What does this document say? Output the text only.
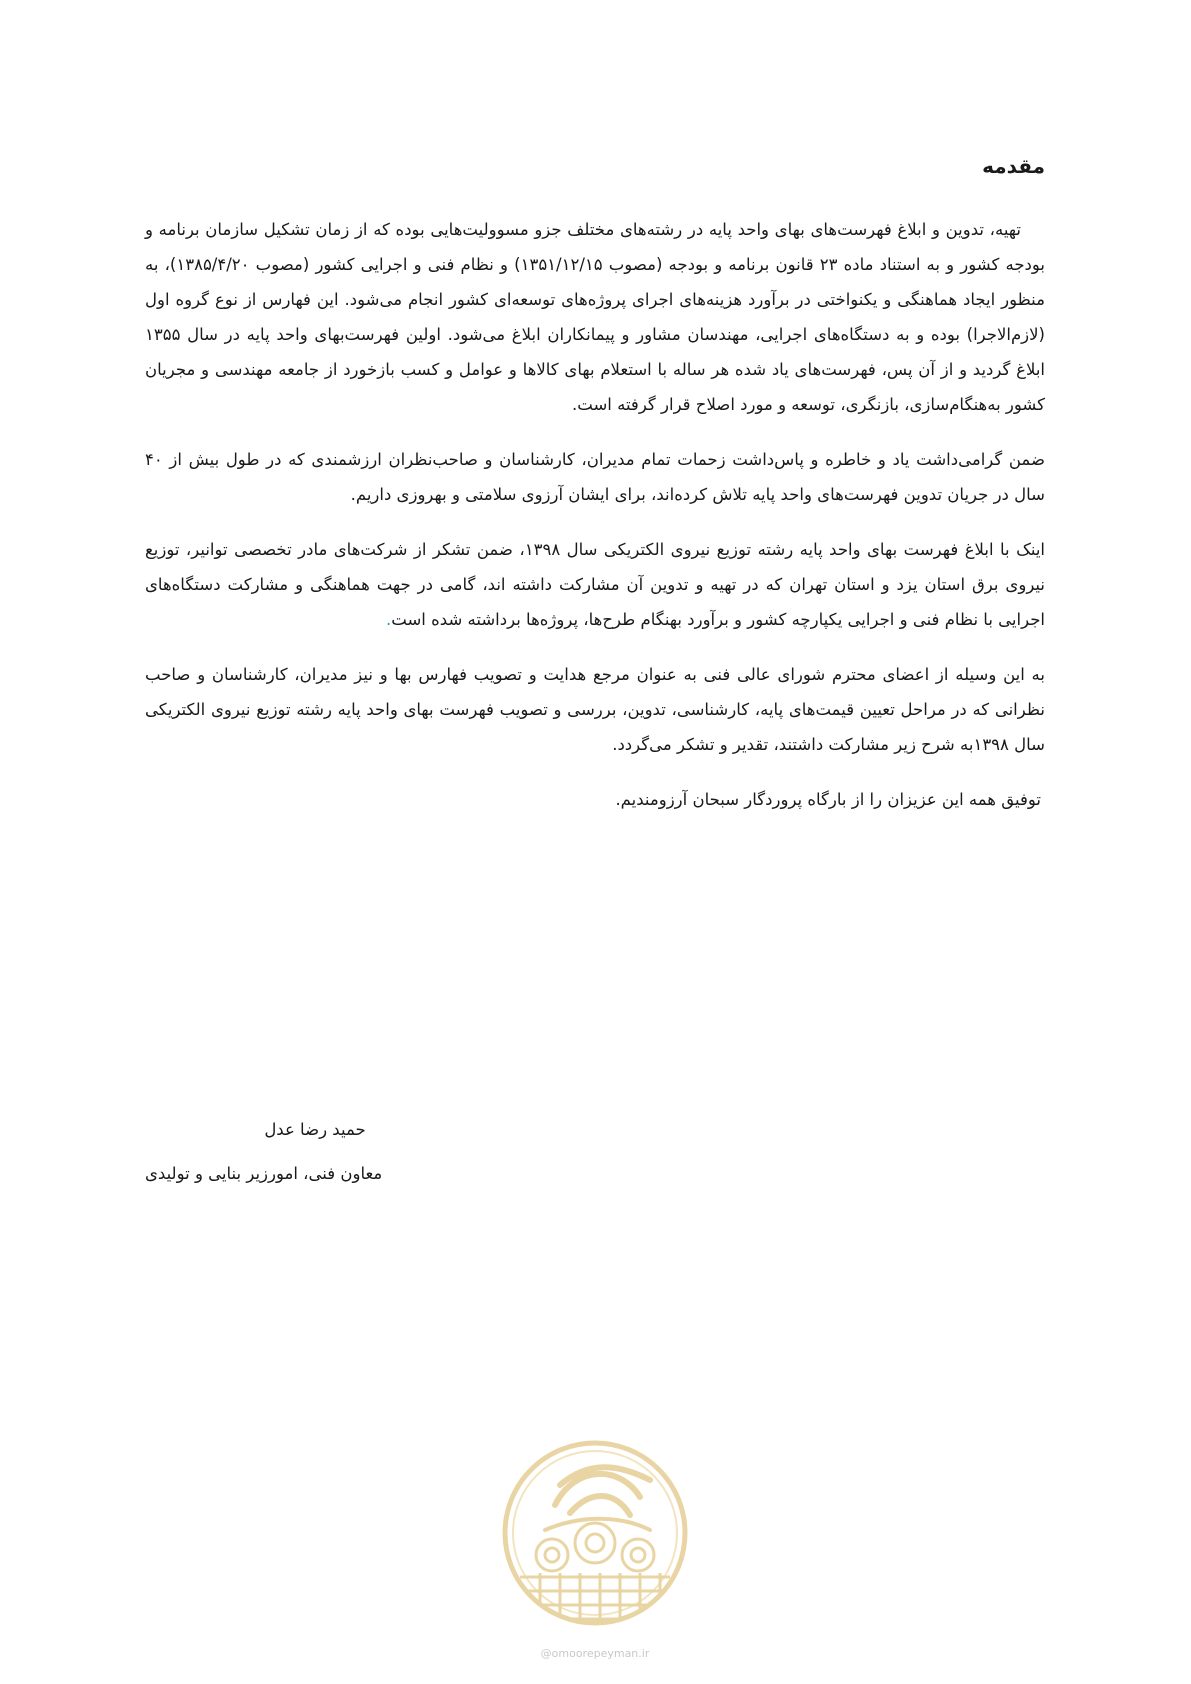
مقدمه

تهیه، تدوین و ابلاغ فهرست‌های بهای واحد پایه در رشته‌های مختلف جزو مسوولیت‌هایی بوده که از زمان تشکیل سازمان برنامه و بودجه کشور و به استناد ماده ۲۳ قانون برنامه و بودجه (مصوب ۱۳۵۱/۱۲/۱۵) و نظام فنی و اجرایی کشور (مصوب ۱۳۸۵/۴/۲۰)، به منظور ایجاد هماهنگی و یکنواختی در برآورد هزینه‌های اجرای پروژه‌های توسعه‌ای کشور انجام می‌شود. این فهارس از نوع گروه اول (لازم‌الاجرا) بوده و به دستگاه‌های اجرایی، مهندسان مشاور و پیمانکاران ابلاغ می‌شود. اولین فهرست‌بهای واحد پایه در سال ۱۳۵۵ ابلاغ گردید و از آن پس، فهرست‌های یاد شده هر ساله با استعلام بهای کالاها و عوامل و کسب بازخورد از جامعه مهندسی و مجریان کشور به‌هنگام‌سازی، بازنگری، توسعه و مورد اصلاح قرار گرفته است.

ضمن گرامی‌داشت یاد و خاطره و پاس‌داشت زحمات تمام مدیران، کارشناسان و صاحب‌نظران ارزشمندی که در طول بیش از ۴۰ سال در جریان تدوین فهرست‌های واحد پایه تلاش کرده‌اند، برای ایشان آرزوی سلامتی و بهروزی داریم.

اینک با ابلاغ فهرست بهای واحد پایه رشته توزیع نیروی الکتریکی سال ۱۳۹۸، ضمن تشکر از شرکت‌های مادر تخصصی توانیر، توزیع نیروی برق استان یزد و استان تهران که در تهیه و تدوین آن مشارکت داشته اند، گامی در جهت هماهنگی و مشارکت دستگاه‌های اجرایی با نظام فنی و اجرایی یکپارچه کشور و برآورد بهنگام طرح‌ها، پروژه‌ها برداشته شده است.

به این وسیله از اعضای محترم شورای عالی فنی به عنوان مرجع هدایت و تصویب فهارس بها و نیز مدیران، کارشناسان و صاحب نظرانی که در مراحل تعیین قیمت‌های پایه، کارشناسی، تدوین، بررسی و تصویب فهرست بهای واحد پایه رشته توزیع نیروی الکتریکی سال ۱۳۹۸به شرح زیر مشارکت داشتند، تقدیر و تشکر می‌گردد.

توفیق همه این عزیزان را از بارگاه پروردگار سبحان آرزومندیم.

حمید رضا عدل
معاون فنی، امورزیر بنایی و تولیدی
@omoorepeyman.ir
